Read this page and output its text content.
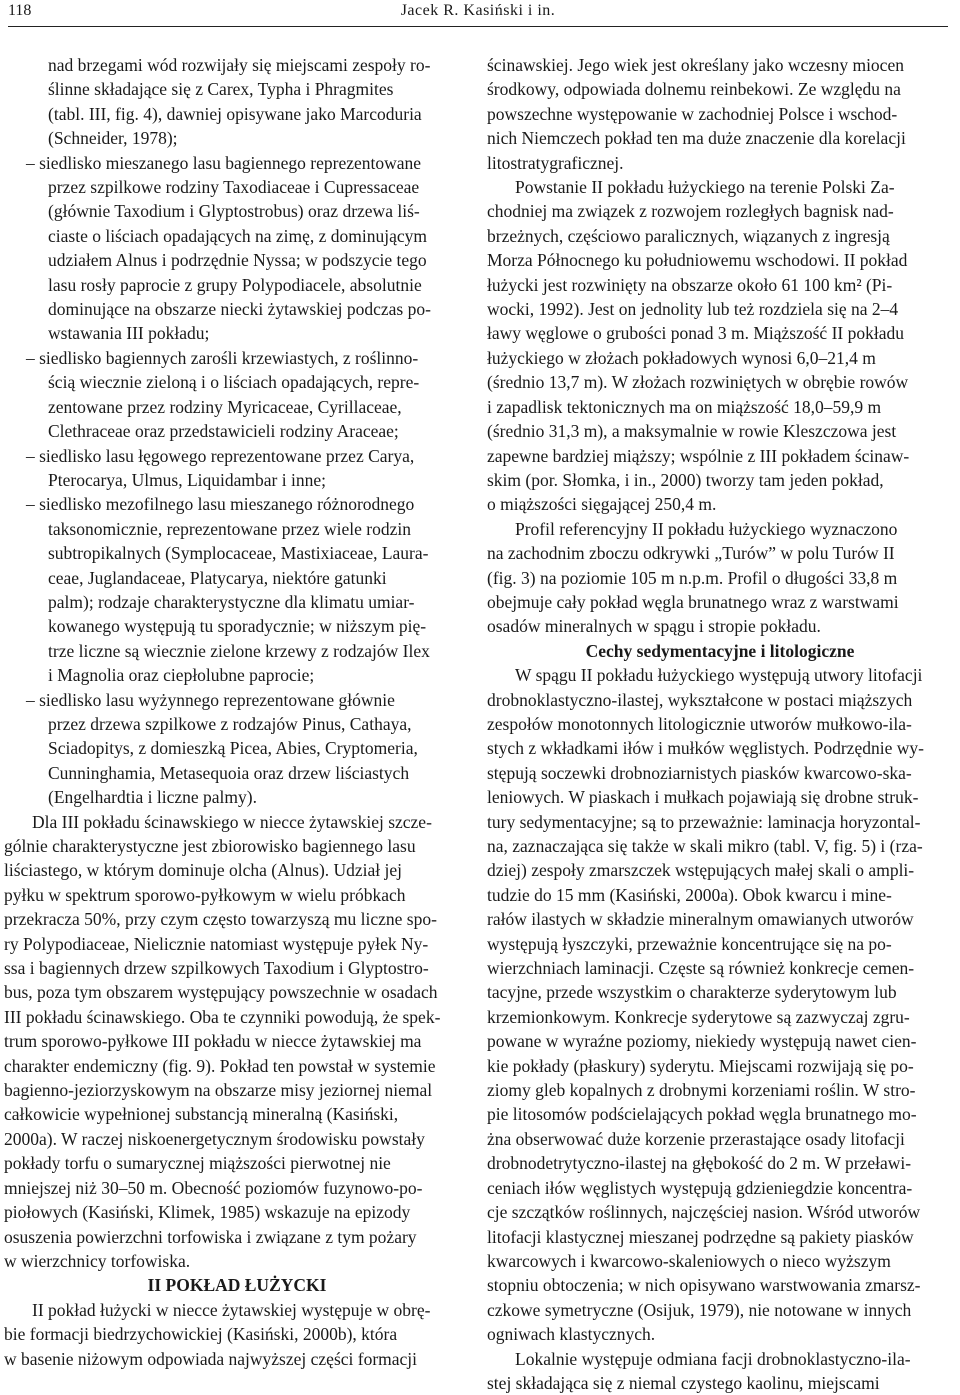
118	Jacek R. Kasiński i in.

nad brzegami wód rozwijały się miejscami zespoły ro-
ślinne składające się z Carex, Typha i Phragmites
(tabl. III, fig. 4), dawniej opisywane jako Marcoduria
(Schneider, 1978);

– siedlisko mieszanego lasu bagiennego reprezentowane
przez szpilkowe rodziny Taxodiaceae i Cupressaceae
(głównie Taxodium i Glyptostrobus) oraz drzewa liś-
ciaste o liściach opadających na zimę, z dominującym
udziałem Alnus i podrzędnie Nyssa; w podszycie tego
lasu rosły paprocie z grupy Polypodiacele, absolutnie
dominujące na obszarze niecki żytawskiej podczas po-
wstawania III pokładu;

– siedlisko bagiennych zarośli krzewiastych, z roślinno-
ścią wiecznie zieloną i o liściach opadających, repre-
zentowane przez rodziny Myricaceae, Cyrillaceae,
Clethraceae oraz przedstawicieli rodziny Araceae;

– siedlisko lasu łęgowego reprezentowane przez Carya,
Pterocarya, Ulmus, Liquidambar i inne;

– siedlisko mezofilnego lasu mieszanego różnorodnego
taksonomicznie, reprezentowane przez wiele rodzin
subtropikalnych (Symplocaceae, Mastixiaceae, Laura-
ceae, Juglandaceae, Platycarya, niektóre gatunki
palm); rodzaje charakterystyczne dla klimatu umiar-
kowanego występują tu sporadycznie; w niższym pię-
trze liczne są wiecznie zielone krzewy z rodzajów Ilex
i Magnolia oraz ciepłolubne paprocie;

– siedlisko lasu wyżynnego reprezentowane głównie
przez drzewa szpilkowe z rodzajów Pinus, Cathaya,
Sciadopitys, z domieszką Picea, Abies, Cryptomeria,
Cunninghamia, Metasequoia oraz drzew liściastych
(Engelhardtia i liczne palmy).

Dla III pokładu ścinawskiego w niecce żytawskiej szcze-
gólnie charakterystyczne jest zbiorowisko bagiennego lasu
liściastego, w którym dominuje olcha (Alnus). Udział jej
pyłku w spektrum sporowo-pyłkowym w wielu próbkach
przekracza 50%, przy czym często towarzyszą mu liczne spo-
ry Polypodiaceae, Nielicznie natomiast występuje pyłek Ny-
ssa i bagiennych drzew szpilkowych Taxodium i Glyptostro-
bus, poza tym obszarem występujący powszechnie w osadach
III pokładu ścinawskiego. Oba te czynniki powodują, że spek-
trum sporowo-pyłkowe III pokładu w niecce żytawskiej ma
charakter endemiczny (fig. 9). Pokład ten powstał w systemie
bagienno-jeziorzyskowym na obszarze misy jeziornej niemal
całkowicie wypełnionej substancją mineralną (Kasiński,
2000a). W raczej niskoenergetycznym środowisku powstały
pokłady torfu o sumarycznej miąższości pierwotnej nie
mniejszej niż 30–50 m. Obecność poziomów fuzynowo-po-
piołowych (Kasiński, Klimek, 1985) wskazuje na epizody
osuszenia powierzchni torfowiska i związane z tym pożary
w wierzchnicy torfowiska.

II POKŁAD ŁUŻYCKI

II pokład łużycki w niecce żytawskiej występuje w obrę-
bie formacji biedrzychowickiej (Kasiński, 2000b), która
w basenie niżowym odpowiada najwyższej części formacji

ścinawskiej. Jego wiek jest określany jako wczesny miocen
środkowy, odpowiada dolnemu reinbekowi. Ze względu na
powszechne występowanie w zachodniej Polsce i wschod-
nich Niemczech pokład ten ma duże znaczenie dla korelacji
litostratygraficznej.

Powstanie II pokładu łużyckiego na terenie Polski Za-
chodniej ma związek z rozwojem rozległych bagnisk nad-
brzeżnych, częściowo paralicznych, wiązanych z ingresją
Morza Północnego ku południowemu wschodowi. II pokład
łużycki jest rozwinięty na obszarze około 61 100 km² (Pi-
wocki, 1992). Jest on jednolity lub też rozdziela się na 2–4
ławy węglowe o grubości ponad 3 m. Miąższość II pokładu
łużyckiego w złożach pokładowych wynosi 6,0–21,4 m
(średnio 13,7 m). W złożach rozwiniętych w obrębie rowów
i zapadlisk tektonicznych ma on miąższość 18,0–59,9 m
(średnio 31,3 m), a maksymalnie w rowie Kleszczowa jest
zapewne bardziej miąższy; wspólnie z III pokładem ścinaw-
skim (por. Słomka, i in., 2000) tworzy tam jeden pokład,
o miąższości sięgającej 250,4 m.

Profil referencyjny II pokładu łużyckiego wyznaczono
na zachodnim zboczu odkrywki „Turów” w polu Turów II
(fig. 3) na poziomie 105 m n.p.m. Profil o długości 33,8 m
obejmuje cały pokład węgla brunatnego wraz z warstwami
osadów mineralnych w spągu i stropie pokładu.

Cechy sedymentacyjne i litologiczne

W spągu II pokładu łużyckiego występują utwory litofacji
drobnoklastyczno-ilastej, wykształcone w postaci miąższych
zespołów monotonnych litologicznie utworów mułkowo-ila-
stych z wkładkami iłów i mułków węglistych. Podrzędnie wy-
stępują soczewki drobnoziarnistych piasków kwarcowo-ska-
leniowych. W piaskach i mułkach pojawiają się drobne struk-
tury sedymentacyjne; są to przeważnie: laminacja horyzontal-
na, zaznaczająca się także w skali mikro (tabl. V, fig. 5) i (rza-
dziej) zespoły zmarszczek wstępujących małej skali o ampli-
tudzie do 15 mm (Kasiński, 2000a). Obok kwarcu i mine-
rałów ilastych w składzie mineralnym omawianych utworów
występują łyszczyki, przeważnie koncentrujące się na po-
wierzchniach laminacji. Częste są również konkrecje cemen-
tacyjne, przede wszystkim o charakterze syderytowym lub
krzemionkowym. Konkrecje syderytowe są zazwyczaj zgru-
powane w wyraźne poziomy, niekiedy występują nawet cien-
kie pokłady (płaskury) syderytu. Miejscami rozwijają się po-
ziomy gleb kopalnych z drobnymi korzeniami roślin. W stro-
pie litosomów podścielających pokład węgla brunatnego mo-
żna obserwować duże korzenie przerastające osady litofacji
drobnodetrytyczno-ilastej na głębokość do 2 m. W przeławi-
ceniach iłów węglistych występują gdzieniegdzie koncentra-
cje szczątków roślinnych, najczęściej nasion. Wśród utworów
litofacji klastycznej mieszanej podrzędne są pakiety piasków
kwarcowych i kwarcowo-skaleniowych o nieco wyższym
stopniu obtoczenia; w nich opisywano warstwowania zmarsz-
czkowe symetryczne (Osijuk, 1979), nie notowane w innych
ogniwach klastycznych.

Lokalnie występuje odmiana facji drobnoklastyczno-ila-
stej składająca się z niemal czystego kaolinu, miejscami
